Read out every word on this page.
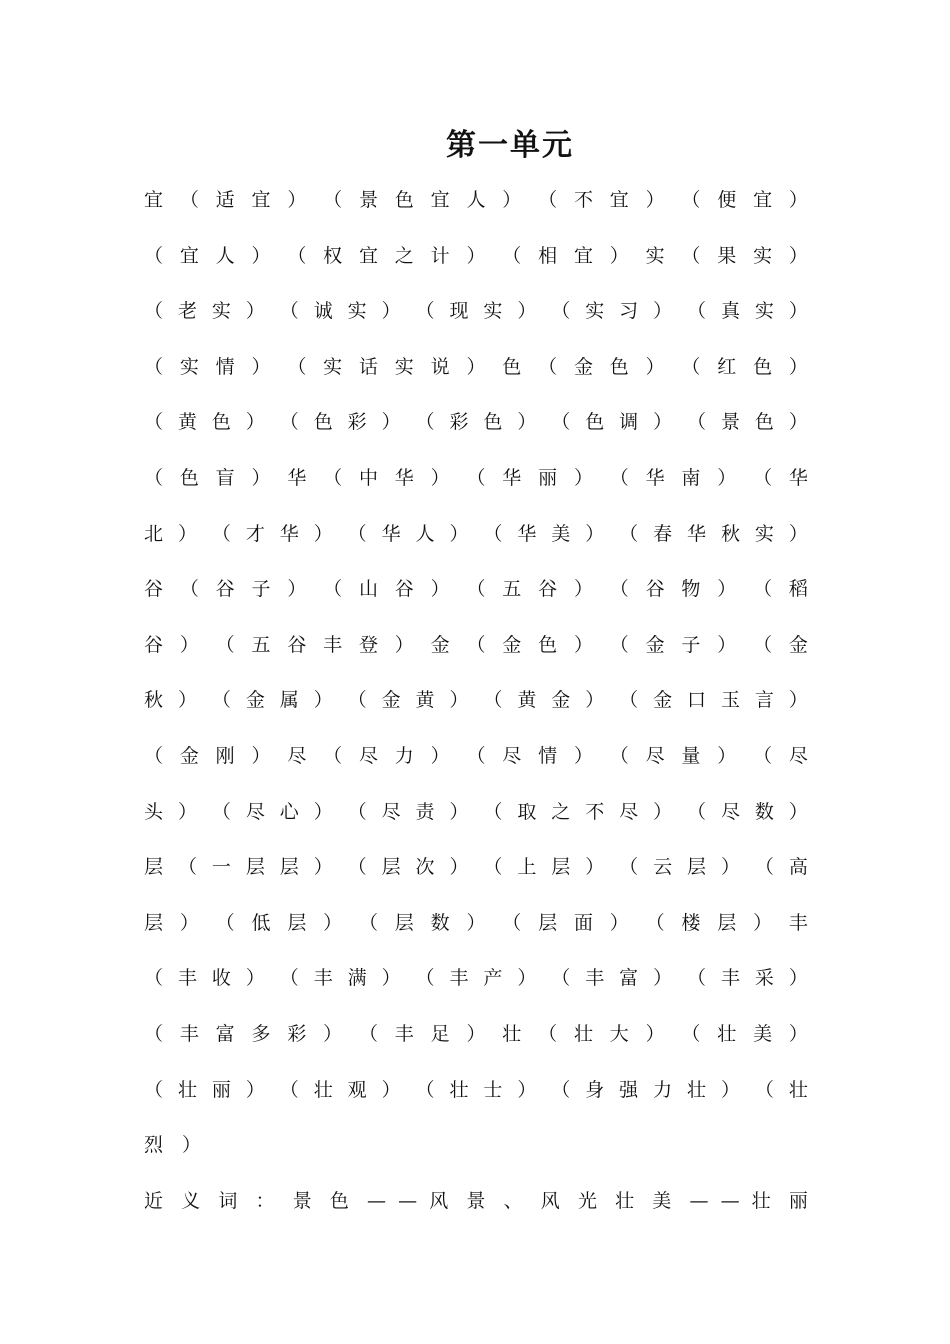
第一单元
宜 （ 适 宜 ） （ 景 色 宜 人 ） （ 不 宜 ） （ 便 宜 ）
（ 宜 人 ） （ 权 宜 之 计 ） （ 相 宜 ） 实 （ 果 实 ）
（ 老 实 ） （ 诚 实 ） （ 现 实 ） （ 实 习 ） （ 真 实 ）
（ 实 情 ） （ 实 话 实 说 ） 色 （ 金 色 ） （ 红 色 ）
（ 黄 色 ） （ 色 彩 ） （ 彩 色 ） （ 色 调 ） （ 景 色 ）
（ 色 盲 ） 华 （ 中 华 ） （ 华 丽 ） （ 华 南 ） （ 华
北 ） （ 才 华 ） （ 华 人 ） （ 华 美 ） （ 春 华 秋 实 ）
谷 （ 谷 子 ） （ 山 谷 ） （ 五 谷 ） （ 谷 物 ） （ 稻
谷 ） （ 五 谷 丰 登 ） 金 （ 金 色 ） （ 金 子 ） （ 金
秋 ） （ 金 属 ） （ 金 黄 ） （ 黄 金 ） （ 金 口 玉 言 ）
（ 金 刚 ） 尽 （ 尽 力 ） （ 尽 情 ） （ 尽 量 ） （ 尽
头 ） （ 尽 心 ） （ 尽 责 ） （ 取 之 不 尽 ） （ 尽 数 ）
层 （ 一 层 层 ） （ 层 次 ） （ 上 层 ） （ 云 层 ） （ 高
层 ） （ 低 层 ） （ 层 数 ） （ 层 面 ） （ 楼 层 ） 丰
（ 丰 收 ） （ 丰 满 ） （ 丰 产 ） （ 丰 富 ） （ 丰 采 ）
（ 丰 富 多 彩 ） （ 丰 足 ） 壮 （ 壮 大 ） （ 壮 美 ）
（ 壮 丽 ） （ 壮 观 ） （ 壮 士 ） （ 身 强 力 壮 ） （ 壮
烈）
近 义 词 ： 景 色 — — 风 景 、 风 光 壮 美 — — 壮 丽
